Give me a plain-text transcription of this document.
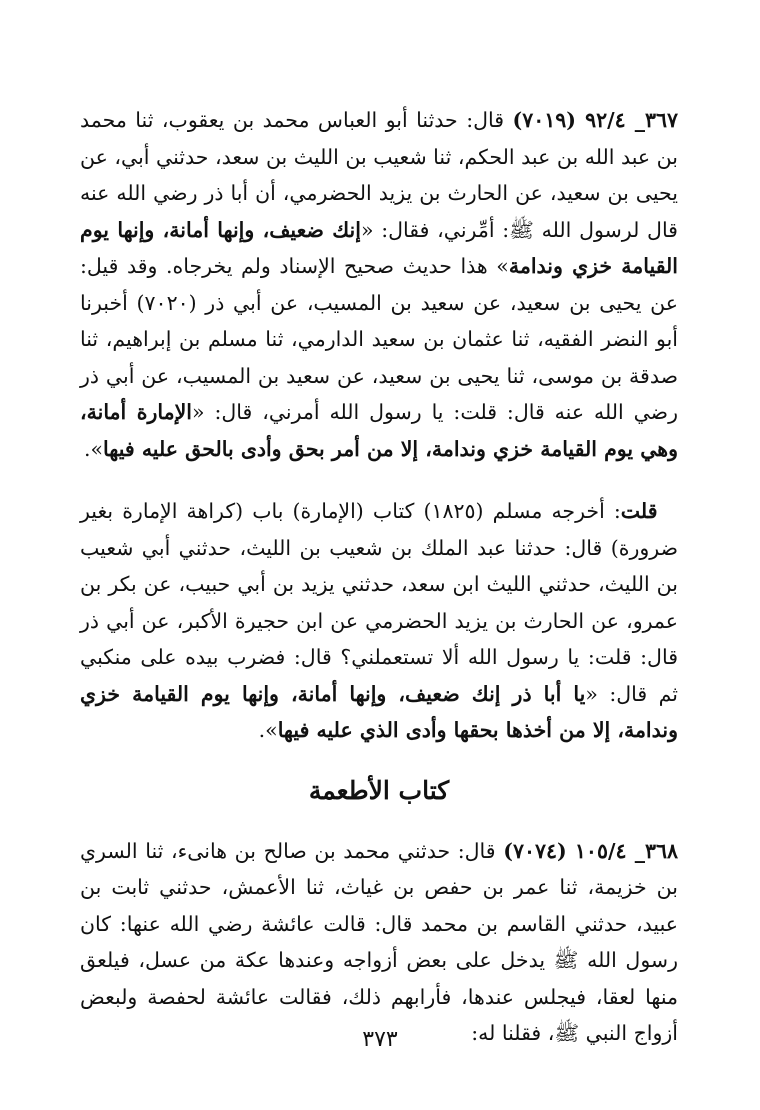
٣٦٧_ ٩٢/٤ (٧٠١٩) قال: حدثنا أبو العباس محمد بن يعقوب، ثنا محمد بن عبد الله بن عبد الحكم، ثنا شعيب بن الليث بن سعد، حدثني أبي، عن يحيى بن سعيد، عن الحارث بن يزيد الحضرمي، أن أبا ذر رضي الله عنه قال لرسول الله ﷺ: أمِّرني، فقال: «إنك ضعيف، وإنها أمانة، وإنها يوم القيامة خزي وندامة» هذا حديث صحيح الإسناد ولم يخرجاه. وقد قيل: عن يحيى بن سعيد، عن سعيد بن المسيب، عن أبي ذر (٧٠٢٠) أخبرنا أبو النضر الفقيه، ثنا عثمان بن سعيد الدارمي، ثنا مسلم بن إبراهيم، ثنا صدقة بن موسى، ثنا يحيى بن سعيد، عن سعيد بن المسيب، عن أبي ذر رضي الله عنه قال: قلت: يا رسول الله أمرني، قال: «الإمارة أمانة، وهي يوم القيامة خزي وندامة، إلا من أمر بحق وأدى بالحق عليه فيها».

 قلت: أخرجه مسلم (١٨٢٥) كتاب (الإمارة) باب (كراهة الإمارة بغير ضرورة) قال: حدثنا عبد الملك بن شعيب بن الليث، حدثني أبي شعيب بن الليث، حدثني الليث ابن سعد، حدثني يزيد بن أبي حبيب، عن بكر بن عمرو، عن الحارث بن يزيد الحضرمي عن ابن حجيرة الأكبر، عن أبي ذر قال: قلت: يا رسول الله ألا تستعملني؟ قال: فضرب بيده على منكبي ثم قال: «يا أبا ذر إنك ضعيف، وإنها أمانة، وإنها يوم القيامة خزي وندامة، إلا من أخذها بحقها وأدى الذي عليه فيها».

كتاب الأطعمة

٣٦٨_ ١٠٥/٤ (٧٠٧٤) قال: حدثني محمد بن صالح بن هانىء، ثنا السري بن خزيمة، ثنا عمر بن حفص بن غياث، ثنا الأعمش، حدثني ثابت بن عبيد، حدثني القاسم بن محمد قال: قالت عائشة رضي الله عنها: كان رسول الله ﷺ يدخل على بعض أزواجه وعندها عكة من عسل، فيلعق منها لعقا، فيجلس عندها، فأرابهم ذلك، فقالت عائشة لحفصة ولبعض أزواج النبي ﷺ، فقلنا له:

٣٧٣
